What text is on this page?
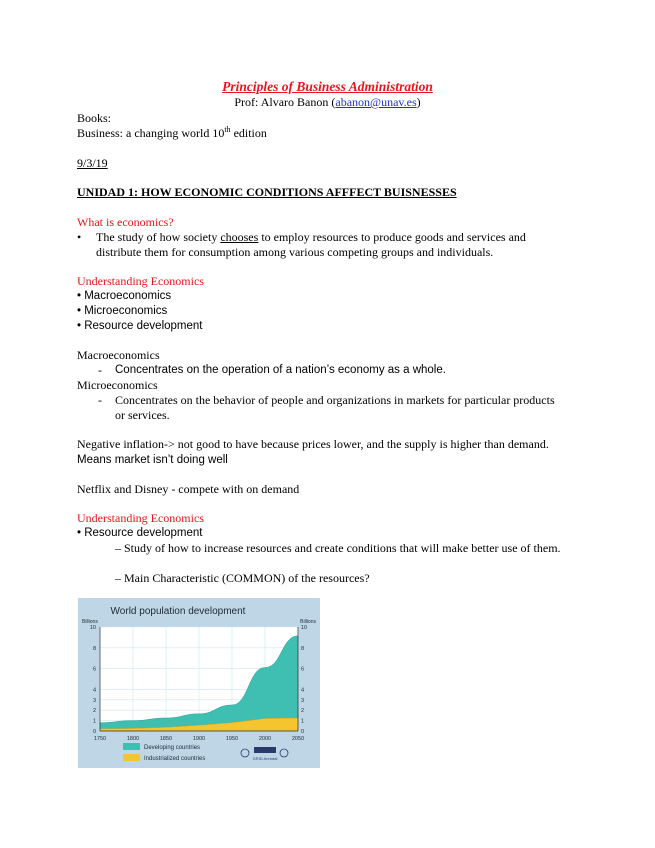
Principles of Business Administration
Prof: Alvaro Banon (abanon@unav.es)
Books:
Business: a changing world 10th edition
9/3/19
UNIDAD 1: HOW ECONOMIC CONDITIONS AFFFECT BUISNESSES
What is economics?
• The study of how society chooses to employ resources to produce goods and services and distribute them for consumption among various competing groups and individuals.
Understanding Economics
• Macroeconomics
• Microeconomics
• Resource development
Macroeconomics
- Concentrates on the operation of a nation’s economy as a whole.
Microeconomics
- Concentrates on the behavior of people and organizations in markets for particular products or services.
Negative inflation-> not good to have because prices lower, and the supply is higher than demand. Means market isn’t doing well
Netflix and Disney - compete with on demand
Understanding Economics
• Resource development
– Study of how to increase resources and create conditions that will make better use of them.
– Main Characteristic (COMMON) of the resources?
World population development
Billions	Billions
0	0
1	1
2	2
3	3
4	4
6	6
8	8
10	10
1750	1800	1850	1900	1950	2000	2050
Developing countries
Industrialized countries	GRID Arendal
